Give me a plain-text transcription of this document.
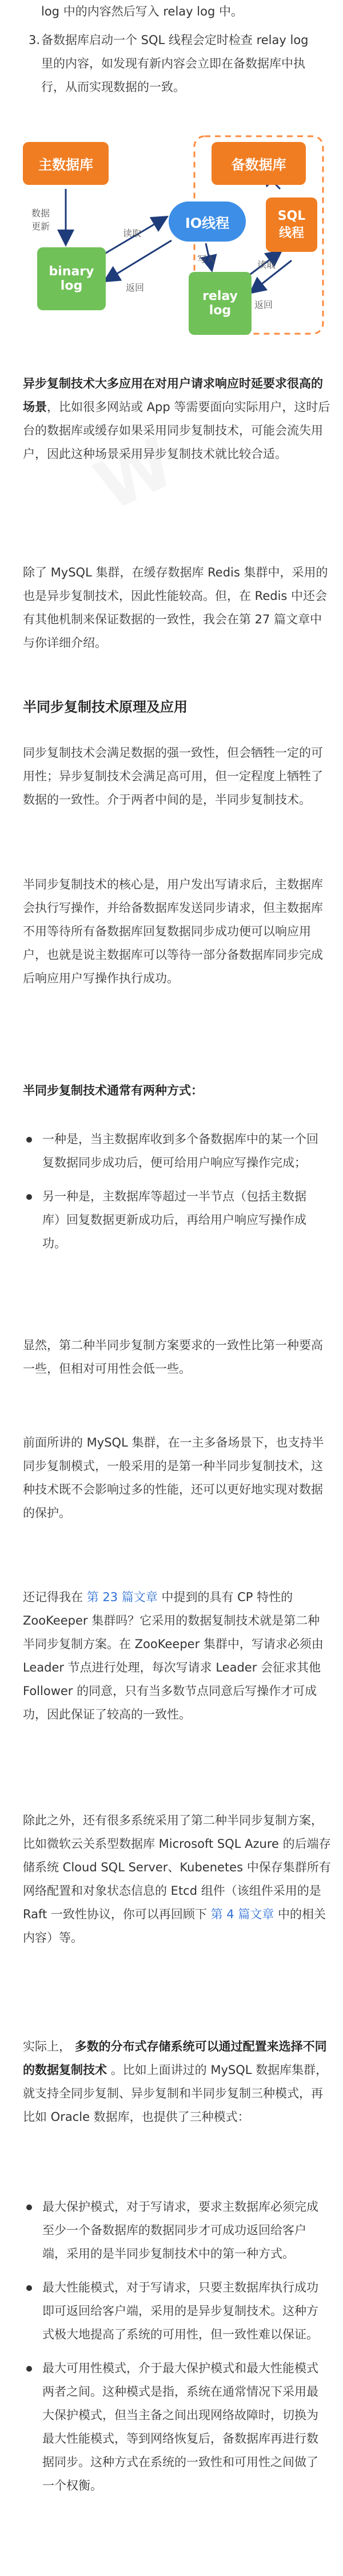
log 中的内容然后写入 relay log 中。
3. 备数据库启动一个 SQL 线程会定时检查 relay log 里的内容，如发现有新内容会立即在备数据库中执行，从而实现数据的一致。
主数据库	备数据库
IO线程	SQL
线程
binary
log
relay
log
数据
更新
读取
返回
写入
读取
返回

异步复制技术大多应用在对用户请求响应时延要求很高的场景，比如很多网站或 App 等需要面向实际用户，这时后台的数据库或缓存如果采用同步复制技术，可能会流失用户，因此这种场景采用异步复制技术就比较合适。

除了 MySQL 集群，在缓存数据库 Redis 集群中，采用的也是异步复制技术，因此性能较高。但，在 Redis 中还会有其他机制来保证数据的一致性，我会在第 27 篇文章中与你详细介绍。

半同步复制技术原理及应用

同步复制技术会满足数据的强一致性，但会牺牲一定的可用性；异步复制技术会满足高可用，但一定程度上牺牲了数据的一致性。介于两者中间的是，半同步复制技术。

半同步复制技术的核心是，用户发出写请求后，主数据库会执行写操作，并给备数据库发送同步请求，但主数据库不用等待所有备数据库回复数据同步成功便可以响应用户，也就是说主数据库可以等待一部分备数据库同步完成后响应用户写操作执行成功。

半同步复制技术通常有两种方式：

一种是，当主数据库收到多个备数据库中的某一个回复数据同步成功后，便可给用户响应写操作完成；
另一种是，主数据库等超过一半节点（包括主数据库）回复数据更新成功后，再给用户响应写操作成功。

显然，第二种半同步复制方案要求的一致性比第一种要高一些，但相对可用性会低一些。

前面所讲的 MySQL 集群，在一主多备场景下，也支持半同步复制模式，一般采用的是第一种半同步复制技术，这种技术既不会影响过多的性能，还可以更好地实现对数据的保护。

还记得我在 第 23 篇文章 中提到的具有 CP 特性的 ZooKeeper 集群吗？它采用的数据复制技术就是第二种半同步复制方案。在 ZooKeeper 集群中，写请求必须由 Leader 节点进行处理，每次写请求 Leader 会征求其他 Follower 的同意，只有当多数节点同意后写操作才可成功，因此保证了较高的一致性。

除此之外，还有很多系统采用了第二种半同步复制方案，比如微软云关系型数据库 Microsoft SQL Azure 的后端存储系统 Cloud SQL Server、Kubenetes 中保存集群所有网络配置和对象状态信息的 Etcd 组件（该组件采用的是 Raft 一致性协议，你可以再回顾下 第 4 篇文章 中的相关内容）等。

实际上， 多数的分布式存储系统可以通过配置来选择不同的数据复制技术 。比如上面讲过的 MySQL 数据库集群，就支持全同步复制、异步复制和半同步复制三种模式，再比如 Oracle 数据库，也提供了三种模式：

最大保护模式，对于写请求，要求主数据库必须完成至少一个备数据库的数据同步才可成功返回给客户端，采用的是半同步复制技术中的第一种方式。
最大性能模式，对于写请求，只要主数据库执行成功即可返回给客户端，采用的是异步复制技术。这种方式极大地提高了系统的可用性，但一致性难以保证。
最大可用性模式，介于最大保护模式和最大性能模式两者之间。这种模式是指，系统在通常情况下采用最大保护模式，但当主备之间出现网络故障时，切换为最大性能模式，等到网络恢复后，备数据库再进行数据同步。这种方式在系统的一致性和可用性之间做了一个权衡。
